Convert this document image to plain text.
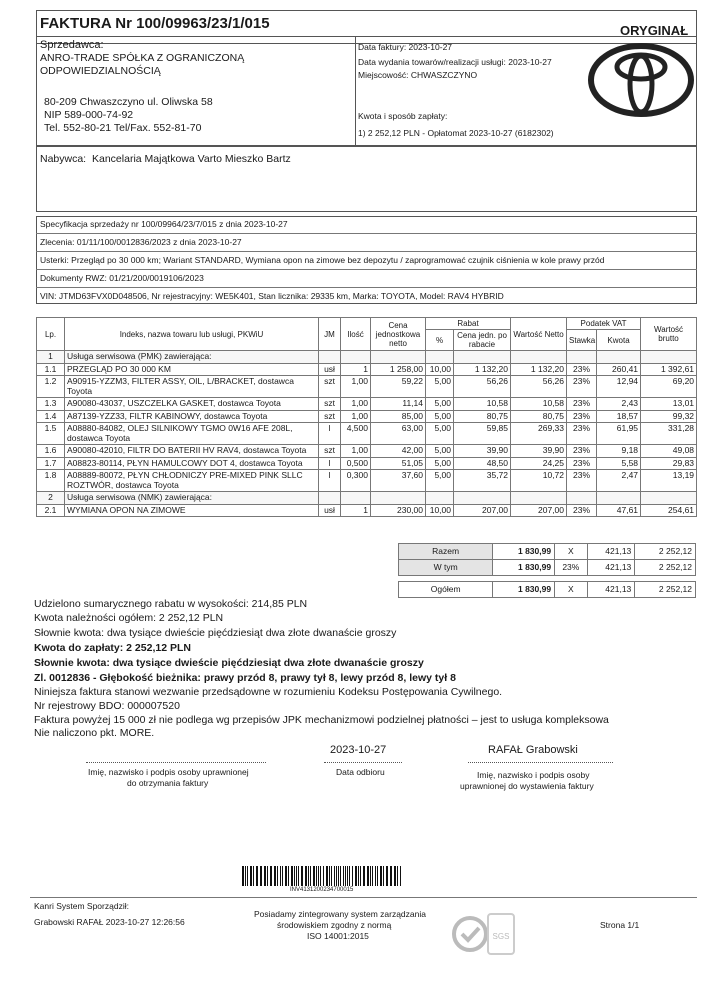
FAKTURA Nr 100/09963/23/1/015	ORYGINAŁ
Sprzedawca:
ANRO-TRADE SPÓŁKA Z OGRANICZONĄ
ODPOWIEDZIALNOŚCIĄ
80-209 Chwaszczyno ul. Oliwska 58
NIP 589-000-74-92
Tel. 552-80-21 Tel/Fax. 552-81-70
Data faktury: 2023-10-27
Data wydania towarów/realizacji usługi: 2023-10-27
Miejscowość: CHWASZCZYNO
Kwota i sposób zapłaty:
1) 2 252,12 PLN - Opłatomat 2023-10-27 (6182302)
Nabywca: Kancelaria Majątkowa Varto Mieszko Bartz
Specyfikacja sprzedaży nr 100/09964/23/7/015 z dnia 2023-10-27
Zlecenia: 01/11/100/0012836/2023 z dnia 2023-10-27
Usterki: Przegląd po 30 000 km; Wariant STANDARD, Wymiana opon na zimowe bez depozytu / zaprogramować czujnik ciśnienia w kole prawy przód
Dokumenty RWZ: 01/21/200/0019106/2023
VIN: JTMD63FVX0D048506, Nr rejestracyjny: WE5K401, Stan licznika: 29335 km, Marka: TOYOTA, Model: RAV4 HYBRID
Lp.	Indeks, nazwa towaru lub usługi, PKWiU	JM	Ilość	Cena jednostkowa netto	Rabat		Wartość Netto	Podatek VAT		Wartość brutto
					%	Cena jedn. po rabacie		Stawka	Kwota	
1	Usługa serwisowa (PMK) zawierająca:									
1.1	PRZEGLĄD PO 30 000 KM	usł	1	1 258,00	10,00	1 132,20	1 132,20	23%	260,41	1 392,61
1.2	A90915-YZZM3, FILTER ASSY, OIL, L/BRACKET, dostawca Toyota	szt	1,00	59,22	5,00	56,26	56,26	23%	12,94	69,20
1.3	A90080-43037, USZCZELKA GASKET, dostawca Toyota	szt	1,00	11,14	5,00	10,58	10,58	23%	2,43	13,01
1.4	A87139-YZZ33, FILTR KABINOWY, dostawca Toyota	szt	1,00	85,00	5,00	80,75	80,75	23%	18,57	99,32
1.5	A08880-84082, OLEJ SILNIKOWY TGMO 0W16 AFE 208L, dostawca Toyota	l	4,500	63,00	5,00	59,85	269,33	23%	61,95	331,28
1.6	A90080-42010, FILTR DO BATERII HV RAV4, dostawca Toyota	szt	1,00	42,00	5,00	39,90	39,90	23%	9,18	49,08
1.7	A08823-80114, PŁYN HAMULCOWY DOT 4, dostawca Toyota	l	0,500	51,05	5,00	48,50	24,25	23%	5,58	29,83
1.8	A08889-80072, PŁYN CHŁODNICZY PRE-MIXED PINK SLLC ROZTWÓR, dostawca Toyota	l	0,300	37,60	5,00	35,72	10,72	23%	2,47	13,19
2	Usługa serwisowa (NMK) zawierająca:									
2.1	WYMIANA OPON NA ZIMOWE	usł	1	230,00	10,00	207,00	207,00	23%	47,61	254,61
Razem	1 830,99	X	421,13	2 252,12
W tym	1 830,99	23%	421,13	2 252,12

Ogółem	1 830,99	X	421,13	2 252,12
Udzielono sumarycznego rabatu w wysokości: 214,85 PLN
Kwota należności ogółem: 2 252,12 PLN
Słownie kwota: dwa tysiące dwieście pięćdziesiąt dwa złote dwanaście groszy
Kwota do zapłaty: 2 252,12 PLN
Słownie kwota: dwa tysiące dwieście pięćdziesiąt dwa złote dwanaście groszy
Zl. 0012836 - Głębokość bieżnika: prawy przód 8, prawy tył 8, lewy przód 8, lewy tył 8
Niniejsza faktura stanowi wezwanie przedsądowne w rozumieniu Kodeksu Postępowania Cywilnego.
Nr rejestrowy BDO: 000007520
Faktura powyżej 15 000 zł nie podlega wg przepisów JPK mechanizmowi podzielnej płatności – jest to usługa kompleksowa
Nie naliczono pkt. MORE.
2023-10-27	RAFAŁ Grabowski
Imię, nazwisko i podpis osoby uprawnionej
do otrzymania faktury
Data odbioru	Imię, nazwisko i podpis osoby
uprawnionej do wystawienia faktury
INV4131200234700015
Kanri System Sporządził:
Grabowski RAFAŁ 2023-10-27 12:26:56
Posiadamy zintegrowany system zarządzania
środowiskiem zgodny z normą
ISO 14001:2015
Strona 1/1
SGS
